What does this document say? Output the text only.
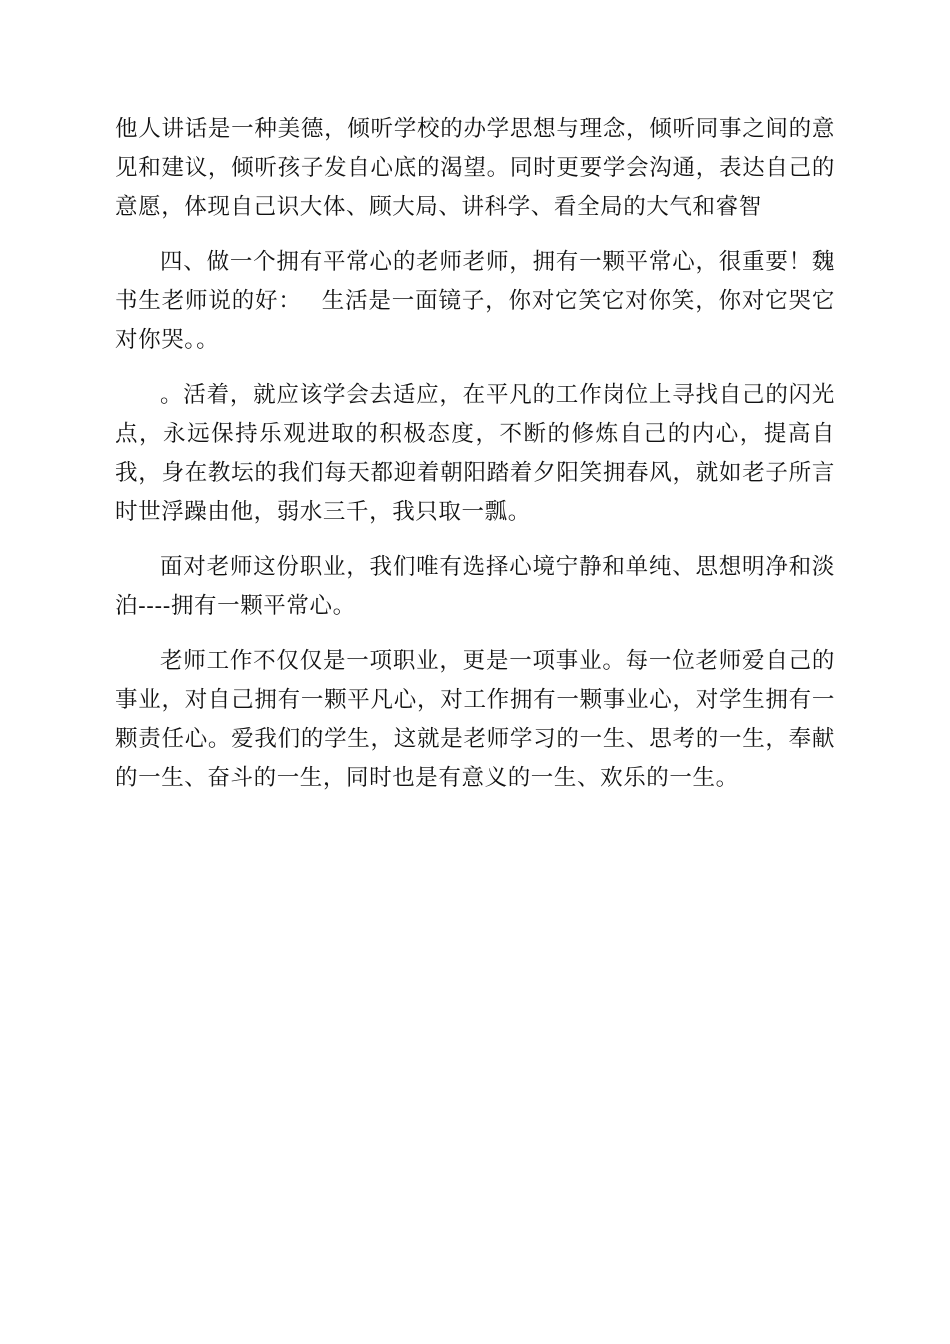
他人讲话是一种美德，倾听学校的办学思想与理念，倾听同事之间的意见和建议，倾听孩子发自心底的渴望。同时更要学会沟通，表达自己的意愿，体现自己识大体、顾大局、讲科学、看全局的大气和睿智

四、做一个拥有平常心的老师老师，拥有一颗平常心，很重要！魏书生老师说的好：　 生活是一面镜子，你对它笑它对你笑，你对它哭它对你哭。。

。活着，就应该学会去适应，在平凡的工作岗位上寻找自己的闪光点，永远保持乐观进取的积极态度，不断的修炼自己的内心，提高自我，身在教坛的我们每天都迎着朝阳踏着夕阳笑拥春风，就如老子所言时世浮躁由他，弱水三千，我只取一瓢。

面对老师这份职业，我们唯有选择心境宁静和单纯、思想明净和淡泊----拥有一颗平常心。

老师工作不仅仅是一项职业，更是一项事业。每一位老师爱自己的事业，对自己拥有一颗平凡心，对工作拥有一颗事业心，对学生拥有一颗责任心。爱我们的学生，这就是老师学习的一生、思考的一生，奉献的一生、奋斗的一生，同时也是有意义的一生、欢乐的一生。
